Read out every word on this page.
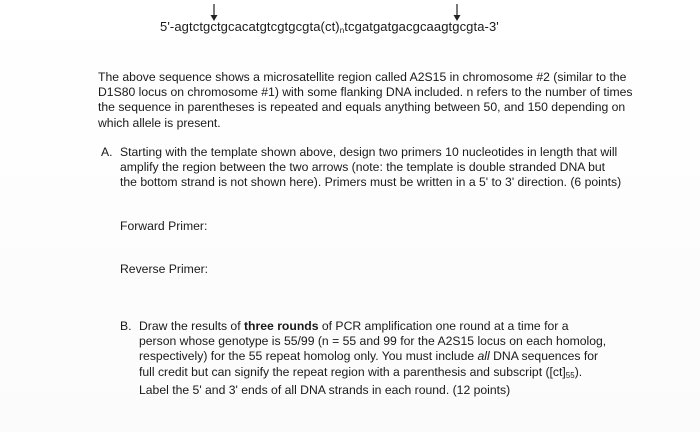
$5'-agtctgctgcacatgtcgtgcgta(ct)_ntcgatgatgacgcaagtgcgta-3'$
The above sequence shows a microsatellite region called A2S15 in chromosome #2 (similar to the D1S80 locus on chromosome #1) with some flanking DNA included. n refers to the number of times the sequence in parentheses is repeated and equals anything between 50, and 150 depending on which allele is present.
A. Starting with the template shown above, design two primers 10 nucleotides in length that will amplify the region between the two arrows (note: the template is double stranded DNA but the bottom strand is not shown here). Primers must be written in a 5' to 3' direction. (6 points)
Forward Primer:
Reverse Primer:
B. Draw the results of three rounds of PCR amplification one round at a time for a person whose genotype is 55/99 (n = 55 and 99 for the A2S15 locus on each homolog, respectively) for the 55 repeat homolog only. You must include all DNA sequences for full credit but can signify the repeat region with a parenthesis and subscript ([ct]55). Label the 5' and 3' ends of all DNA strands in each round. (12 points)
